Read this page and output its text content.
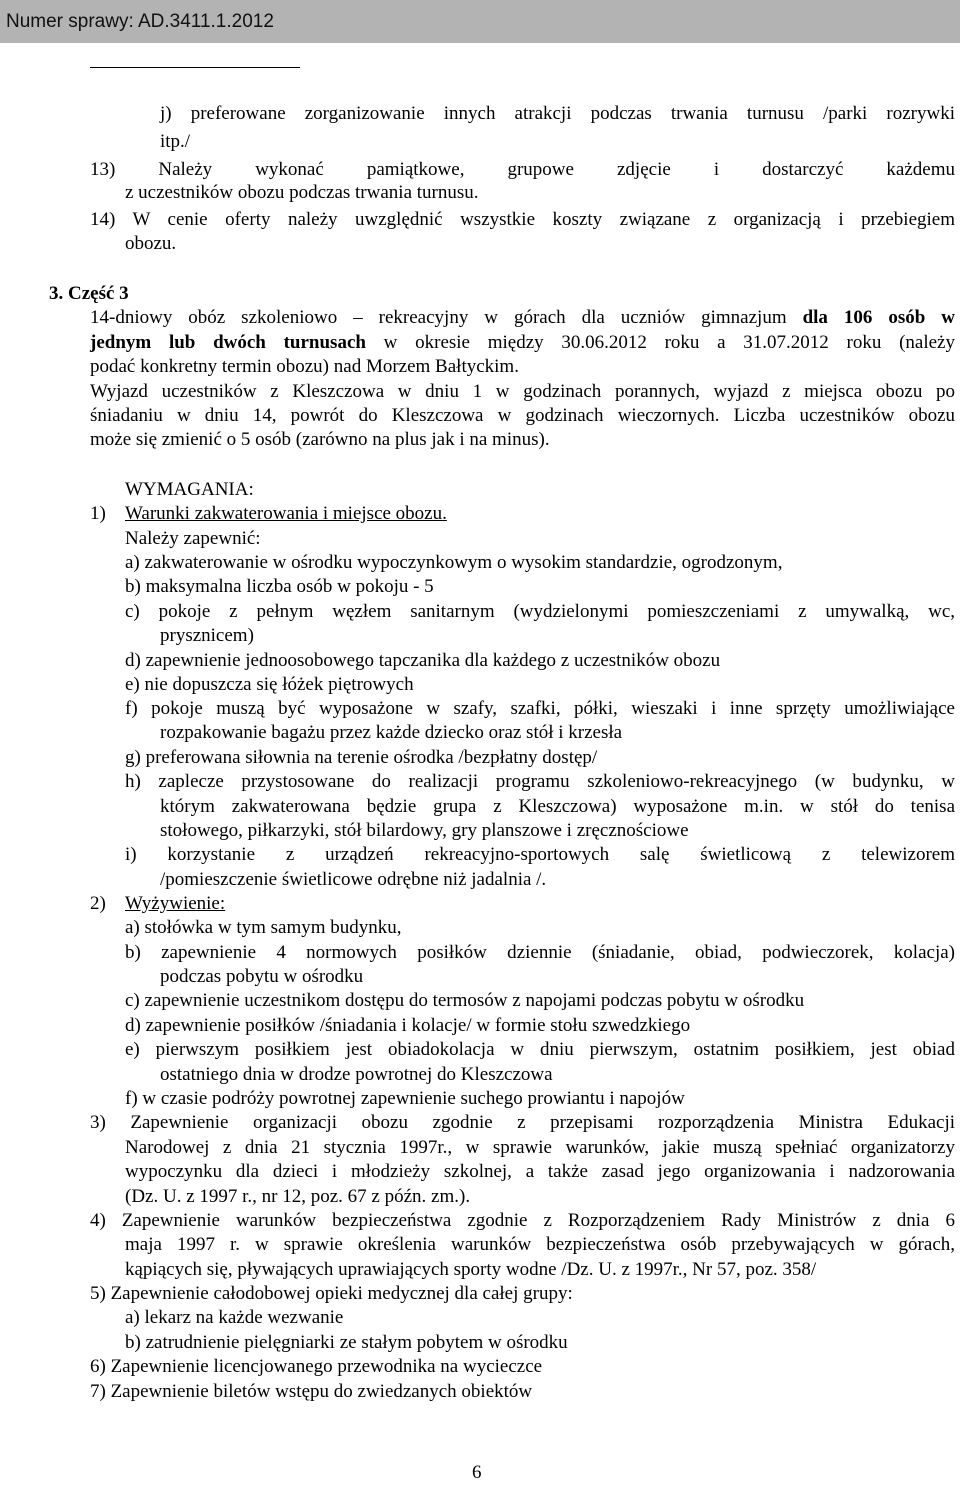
Numer sprawy: AD.3411.1.2012
j) preferowane zorganizowanie innych atrakcji podczas trwania turnusu /parki rozrywki
itp./
13) Należy wykonać pamiątkowe, grupowe zdjęcie i dostarczyć każdemu
z uczestników obozu podczas trwania turnusu.
14) W cenie oferty należy uwzględnić wszystkie koszty związane z organizacją i przebiegiem
obozu.
3. Część 3
14-dniowy obóz szkoleniowo – rekreacyjny w górach dla uczniów gimnazjum dla 106 osób w
jednym lub dwóch turnusach w okresie między 30.06.2012 roku a 31.07.2012 roku (należy
podać konkretny termin obozu) nad Morzem Bałtyckim.
Wyjazd uczestników z Kleszczowa w dniu 1 w godzinach porannych, wyjazd z miejsca obozu po
śniadaniu w dniu 14, powrót do Kleszczowa w godzinach wieczornych. Liczba uczestników obozu
może się zmienić o 5 osób (zarówno na plus jak i na minus).
WYMAGANIA:
1) Warunki zakwaterowania i miejsce obozu.
Należy zapewnić:
a) zakwaterowanie w ośrodku wypoczynkowym o wysokim standardzie, ogrodzonym,
b) maksymalna liczba osób w pokoju - 5
c) pokoje z pełnym węzłem sanitarnym (wydzielonymi pomieszczeniami z umywalką, wc,
prysznicem)
d) zapewnienie jednoosobowego tapczanika dla każdego z uczestników obozu
e) nie dopuszcza się łóżek piętrowych
f) pokoje muszą być wyposażone w szafy, szafki, półki, wieszaki i inne sprzęty umożliwiające
rozpakowanie bagażu przez każde dziecko oraz stół i krzesła
g) preferowana siłownia na terenie ośrodka /bezpłatny dostęp/
h) zaplecze przystosowane do realizacji programu szkoleniowo-rekreacyjnego (w budynku, w
którym zakwaterowana będzie grupa z Kleszczowa) wyposażone m.in. w stół do tenisa
stołowego, piłkarzyki, stół bilardowy, gry planszowe i zręcznościowe
i) korzystanie z urządzeń rekreacyjno-sportowych salę świetlicową z telewizorem
/pomieszczenie świetlicowe odrębne niż jadalnia /.
2) Wyżywienie:
a) stołówka w tym samym budynku,
b) zapewnienie 4 normowych posiłków dziennie (śniadanie, obiad, podwieczorek, kolacja)
podczas pobytu w ośrodku
c) zapewnienie uczestnikom dostępu do termosów z napojami podczas pobytu w ośrodku
d) zapewnienie posiłków /śniadania i kolacje/ w formie stołu szwedzkiego
e) pierwszym posiłkiem jest obiadokolacja w dniu pierwszym, ostatnim posiłkiem, jest obiad
ostatniego dnia w drodze powrotnej do Kleszczowa
f) w czasie podróży powrotnej zapewnienie suchego prowiantu i napojów
3) Zapewnienie organizacji obozu zgodnie z przepisami rozporządzenia Ministra Edukacji
Narodowej z dnia 21 stycznia 1997r., w sprawie warunków, jakie muszą spełniać organizatorzy
wypoczynku dla dzieci i młodzieży szkolnej, a także zasad jego organizowania i nadzorowania
(Dz. U. z 1997 r., nr 12, poz. 67 z późn. zm.).
4) Zapewnienie warunków bezpieczeństwa zgodnie z Rozporządzeniem Rady Ministrów z dnia 6
maja 1997 r. w sprawie określenia warunków bezpieczeństwa osób przebywających w górach,
kąpiących się, pływających uprawiających sporty wodne /Dz. U. z 1997r., Nr 57, poz. 358/
5) Zapewnienie całodobowej opieki medycznej dla całej grupy:
a) lekarz na każde wezwanie
b) zatrudnienie pielęgniarki ze stałym pobytem w ośrodku
6) Zapewnienie licencjowanego przewodnika na wycieczce
7) Zapewnienie biletów wstępu do zwiedzanych obiektów
6
